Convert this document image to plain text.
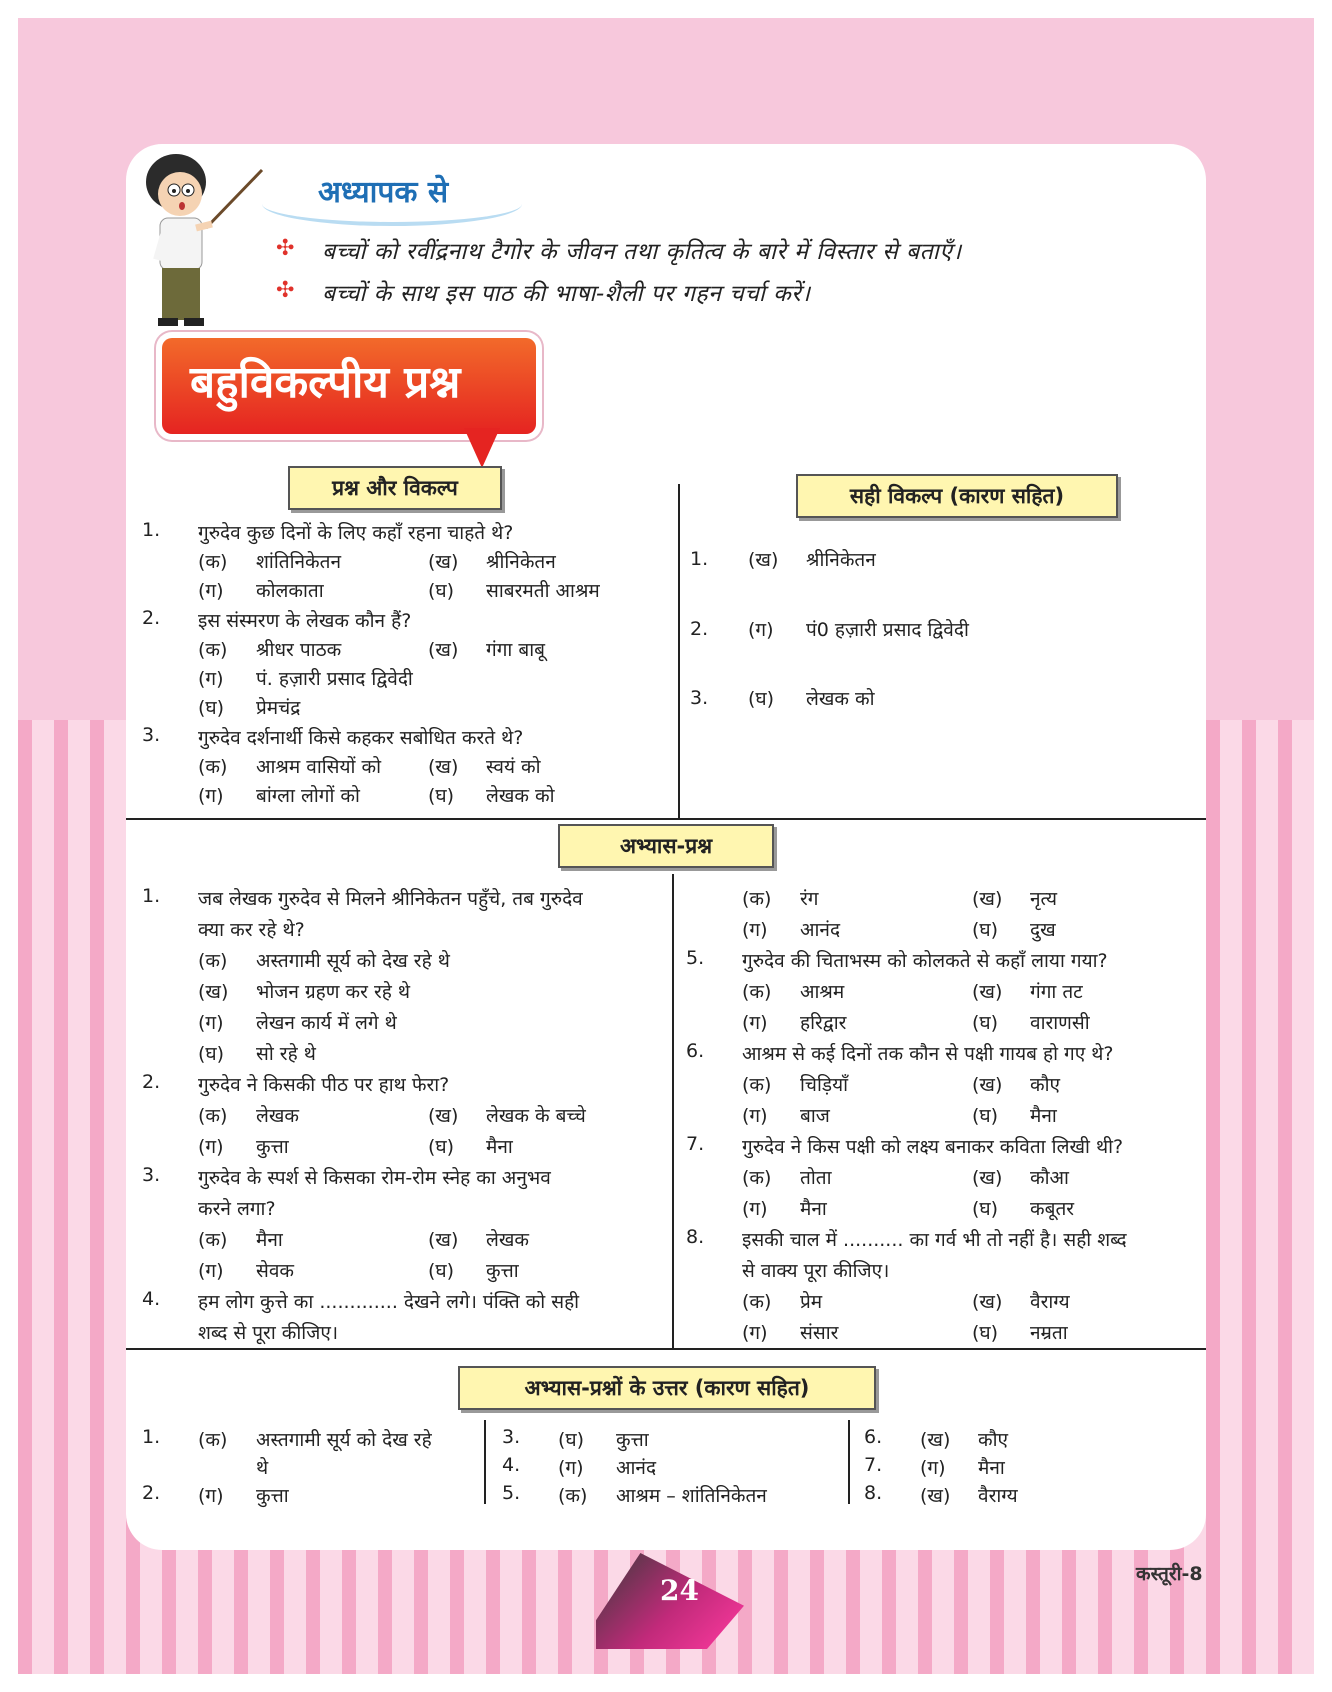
अध्यापक से
✣ बच्चों को रवींद्रनाथ टैगोर के जीवन तथा कृतित्व के बारे में विस्तार से बताएँ।
✣ बच्चों के साथ इस पाठ की भाषा-शैली पर गहन चर्चा करें।
बहुविकल्पीय प्रश्न
प्रश्न और विकल्प	सही विकल्प (कारण सहित)
1. गुरुदेव कुछ दिनों के लिए कहाँ रहना चाहते थे?
(क) शांतिनिकेतन	(ख) श्रीनिकेतन
(ग) कोलकाता	(घ) साबरमती आश्रम
2. इस संस्मरण के लेखक कौन हैं?
(क) श्रीधर पाठक	(ख) गंगा बाबू
(ग) पं. हज़ारी प्रसाद द्विवेदी
(घ) प्रेमचंद्र
3. गुरुदेव दर्शनार्थी किसे कहकर सबोधित करते थे?
(क) आश्रम वासियों को (ख) स्वयं को
(ग) बांग्ला लोगों को	(घ) लेखक को
1. (ख) श्रीनिकेतन
2. (ग) पं0 हज़ारी प्रसाद द्विवेदी
3. (घ) लेखक को
अभ्यास-प्रश्न
1. जब लेखक गुरुदेव से मिलने श्रीनिकेतन पहुँचे, तब गुरुदेव
क्या कर रहे थे?
(क) अस्तगामी सूर्य को देख रहे थे
(ख) भोजन ग्रहण कर रहे थे
(ग) लेखन कार्य में लगे थे
(घ) सो रहे थे
2. गुरुदेव ने किसकी पीठ पर हाथ फेरा?
(क) लेखक	(ख) लेखक के बच्चे
(ग) कुत्ता	(घ) मैना
3. गुरुदेव के स्पर्श से किसका रोम-रोम स्नेह का अनुभव
करने लगा?
(क) मैना	(ख) लेखक
(ग) सेवक	(घ) कुत्ता
4. हम लोग कुत्ते का ............. देखने लगे। पंक्ति को सही
शब्द से पूरा कीजिए।
(क) रंग	(ख) नृत्य
(ग) आनंद	(घ) दुख
5. गुरुदेव की चिताभस्म को कोलकते से कहाँ लाया गया?
(क) आश्रम	(ख) गंगा तट
(ग) हरिद्वार	(घ) वाराणसी
6. आश्रम से कई दिनों तक कौन से पक्षी गायब हो गए थे?
(क) चिड़ियाँ	(ख) कौए
(ग) बाज	(घ) मैना
7. गुरुदेव ने किस पक्षी को लक्ष्य बनाकर कविता लिखी थी?
(क) तोता	(ख) कौआ
(ग) मैना	(घ) कबूतर
8. इसकी चाल में .......... का गर्व भी तो नहीं है। सही शब्द
से वाक्य पूरा कीजिए।
(क) प्रेम	(ख) वैराग्य
(ग) संसार	(घ) नम्रता
अभ्यास-प्रश्नों के उत्तर (कारण सहित)
1. (क) अस्तगामी सूर्य को देख रहे
थे
2. (ग) कुत्ता
3. (घ) कुत्ता
4. (ग) आनंद
5. (क) आश्रम – शांतिनिकेतन
6. (ख) कौए
7. (ग) मैना
8. (ख) वैराग्य
24	कस्तूरी-8
